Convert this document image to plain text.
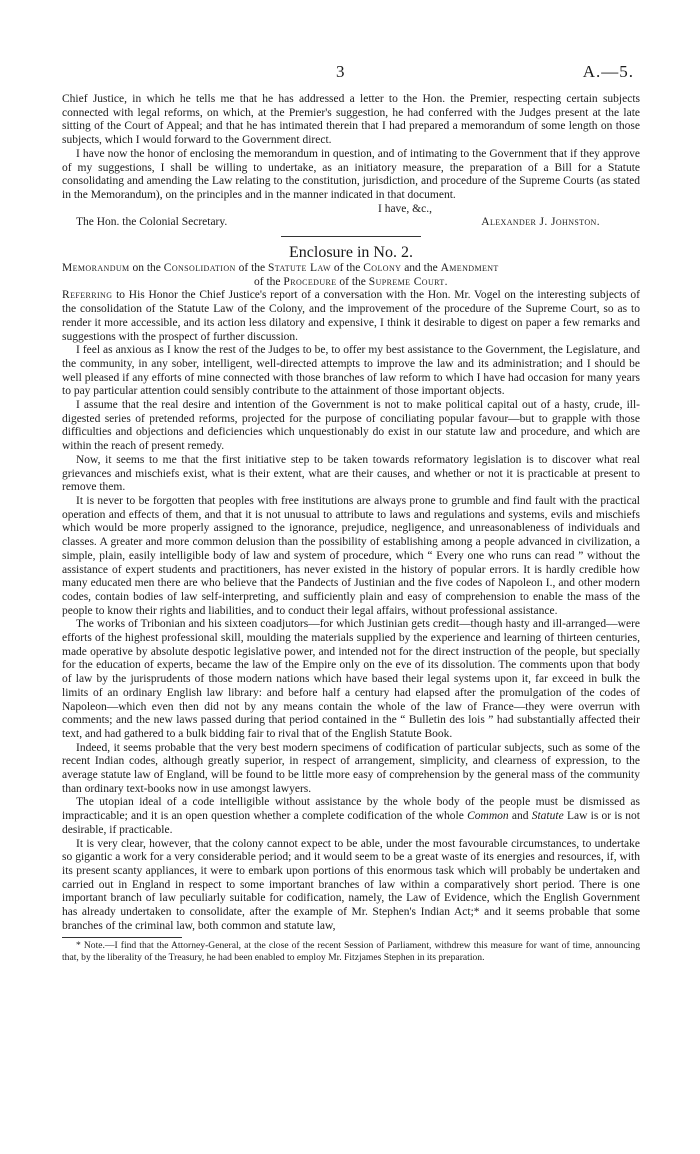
3	A.—5.

Chief Justice, in which he tells me that he has addressed a letter to the Hon. the Premier, respecting certain subjects connected with legal reforms, on which, at the Premier's suggestion, he had conferred with the Judges present at the late sitting of the Court of Appeal; and that he has intimated therein that I had prepared a memorandum of some length on those subjects, which I would forward to the Government direct.

I have now the honor of enclosing the memorandum in question, and of intimating to the Government that if they approve of my suggestions, I shall be willing to undertake, as an initiatory measure, the preparation of a Bill for a Statute consolidating and amending the Law relating to the constitution, jurisdiction, and procedure of the Supreme Courts (as stated in the Memorandum), on the principles and in the manner indicated in that document.

I have, &c.,

The Hon. the Colonial Secretary.	Alexander J. Johnston.

Enclosure in No. 2.

Memorandum on the Consolidation of the Statute Law of the Colony and the Amendment

of the Procedure of the Supreme Court.

Referring to His Honor the Chief Justice's report of a conversation with the Hon. Mr. Vogel on the interesting subjects of the consolidation of the Statute Law of the Colony, and the improvement of the procedure of the Supreme Court, so as to render it more accessible, and its action less dilatory and expensive, I think it desirable to digest on paper a few remarks and suggestions with the prospect of further discussion.

I feel as anxious as I know the rest of the Judges to be, to offer my best assistance to the Government, the Legislature, and the community, in any sober, intelligent, well-directed attempts to improve the law and its administration; and I should be well pleased if any efforts of mine connected with those branches of law reform to which I have had occasion for many years to pay particular attention could sensibly contribute to the attainment of those important objects.

I assume that the real desire and intention of the Government is not to make political capital out of a hasty, crude, ill-digested series of pretended reforms, projected for the purpose of conciliating popular favour—but to grapple with those difficulties and objections and deficiencies which unquestionably do exist in our statute law and procedure, and which are within the reach of present remedy.

Now, it seems to me that the first initiative step to be taken towards reformatory legislation is to discover what real grievances and mischiefs exist, what is their extent, what are their causes, and whether or not it is practicable at present to remove them.

It is never to be forgotten that peoples with free institutions are always prone to grumble and find fault with the practical operation and effects of them, and that it is not unusual to attribute to laws and regulations and systems, evils and mischiefs which would be more properly assigned to the ignorance, prejudice, negligence, and unreasonableness of individuals and classes. A greater and more common delusion than the possibility of establishing among a people advanced in civilization, a simple, plain, easily intelligible body of law and system of procedure, which “ Every one who runs can read ” without the assistance of expert students and practitioners, has never existed in the history of popular errors. It is hardly credible how many educated men there are who believe that the Pandects of Justinian and the five codes of Napoleon I., and other modern codes, contain bodies of law self-interpreting, and sufficiently plain and easy of comprehension to enable the mass of the people to know their rights and liabilities, and to conduct their legal affairs, without professional assistance.

The works of Tribonian and his sixteen coadjutors—for which Justinian gets credit—though hasty and ill-arranged—were efforts of the highest professional skill, moulding the materials supplied by the experience and learning of thirteen centuries, made operative by absolute despotic legislative power, and intended not for the direct instruction of the people, but specially for the education of experts, became the law of the Empire only on the eve of its dissolution. The comments upon that body of law by the jurisprudents of those modern nations which have based their legal systems upon it, far exceed in bulk the limits of an ordinary English law library: and before half a century had elapsed after the promulgation of the codes of Napoleon—which even then did not by any means contain the whole of the law of France—they were overrun with comments; and the new laws passed during that period contained in the “ Bulletin des lois ” had substantially affected their text, and had gathered to a bulk bidding fair to rival that of the English Statute Book.

Indeed, it seems probable that the very best modern specimens of codification of particular subjects, such as some of the recent Indian codes, although greatly superior, in respect of arrangement, simplicity, and clearness of expression, to the average statute law of England, will be found to be little more easy of comprehension by the general mass of the community than ordinary text-books now in use amongst lawyers.

The utopian ideal of a code intelligible without assistance by the whole body of the people must be dismissed as impracticable; and it is an open question whether a complete codification of the whole Common and Statute Law is or is not desirable, if practicable.

It is very clear, however, that the colony cannot expect to be able, under the most favourable circumstances, to undertake so gigantic a work for a very considerable period; and it would seem to be a great waste of its energies and resources, if, with its present scanty appliances, it were to embark upon portions of this enormous task which will probably be undertaken and carried out in England in respect to some important branches of law within a comparatively short period. There is one important branch of law peculiarly suitable for codification, namely, the Law of Evidence, which the English Government has already undertaken to consolidate, after the example of Mr. Stephen's Indian Act;* and it seems probable that some branches of the criminal law, both common and statute law,

* Note.—I find that the Attorney-General, at the close of the recent Session of Parliament, withdrew this measure for want of time, announcing that, by the liberality of the Treasury, he had been enabled to employ Mr. Fitzjames Stephen in its preparation.
